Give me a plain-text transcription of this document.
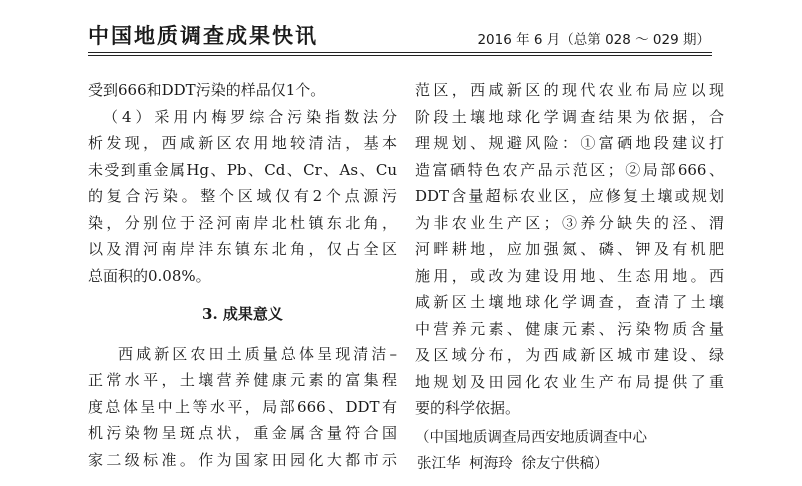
中国地质调查成果快讯	2016 年 6 月（总第 028 ～ 029 期）
受到666和DDT污染的样品仅1个。
（4）采用内梅罗综合污染指数法分
析发现，西咸新区农用地较清洁，基本
未受到重金属Hg、Pb、Cd、Cr、As、Cu
的复合污染。整个区域仅有2个点源污
染，分别位于泾河南岸北杜镇东北角，
以及渭河南岸沣东镇东北角，仅占全区
总面积的0.08%。
3. 成果意义
西咸新区农田土质量总体呈现清洁–
正常水平，土壤营养健康元素的富集程
度总体呈中上等水平，局部666、DDT有
机污染物呈斑点状，重金属含量符合国
家二级标准。作为国家田园化大都市示
范区，西咸新区的现代农业布局应以现
阶段土壤地球化学调查结果为依据，合
理规划、规避风险：①富硒地段建议打
造富硒特色农产品示范区；②局部666、
DDT含量超标农业区，应修复土壤或规划
为非农业生产区；③养分缺失的泾、渭
河畔耕地，应加强氮、磷、钾及有机肥
施用，或改为建设用地、生态用地。西
咸新区土壤地球化学调查，查清了土壤
中营养元素、健康元素、污染物质含量
及区域分布，为西咸新区城市建设、绿
地规划及田园化农业生产布局提供了重
要的科学依据。
（中国地质调查局西安地质调查中心
张江华 柯海玲 徐友宁供稿）
